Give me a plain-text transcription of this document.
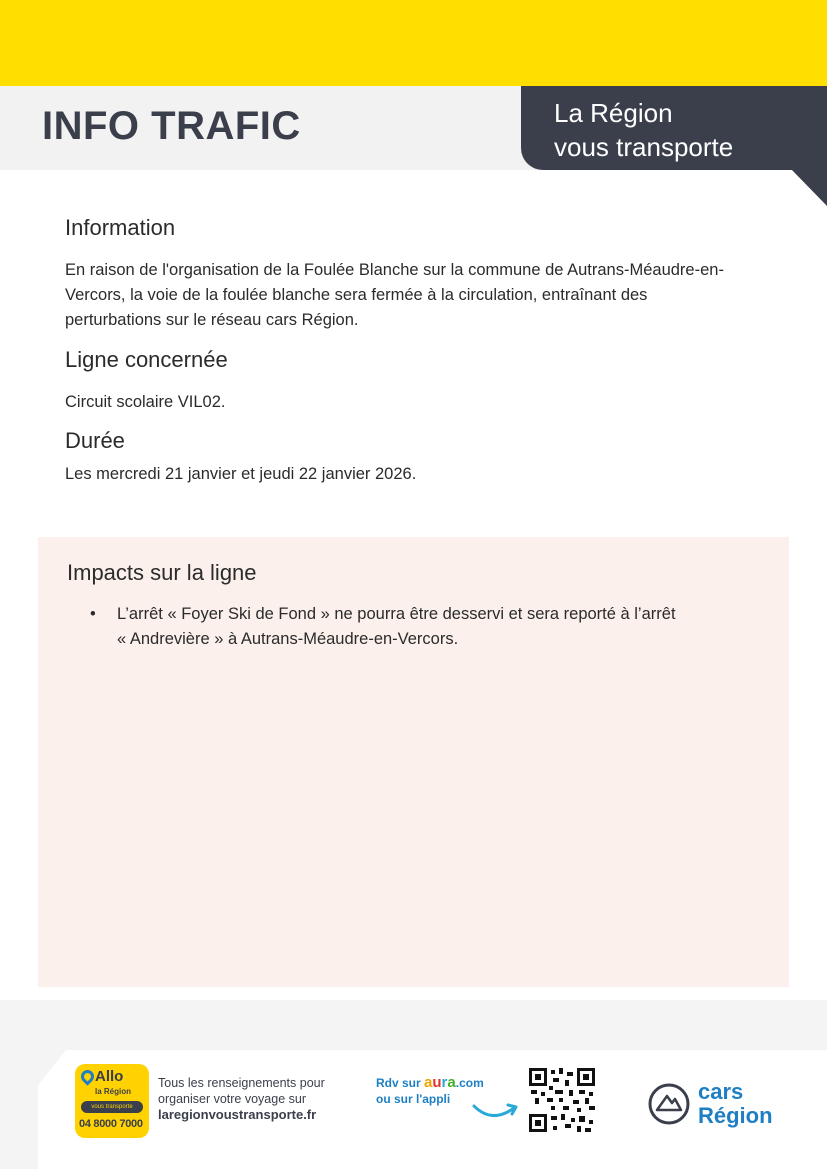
INFO TRAFIC	La Région
vous transporte
Information
En raison de l'organisation de la Foulée Blanche sur la commune de Autrans-Méaudre-en-
Vercors, la voie de la foulée blanche sera fermée à la circulation, entraînant des
perturbations sur le réseau cars Région.
Ligne concernée
Circuit scolaire VIL02.
Durée
Les mercredi 21 janvier et jeudi 22 janvier 2026.
Impacts sur la ligne
• L’arrêt « Foyer Ski de Fond » ne pourra être desservi et sera reporté à l’arrêt
« Andrevière » à Autrans-Méaudre-en-Vercors.
Allo
la Région
vous transporte
04 8000 7000
Tous les renseignements pour
organiser votre voyage sur
laregionvoustransporte.fr
Rdv sur aura.com
ou sur l'appli	cars
Région
